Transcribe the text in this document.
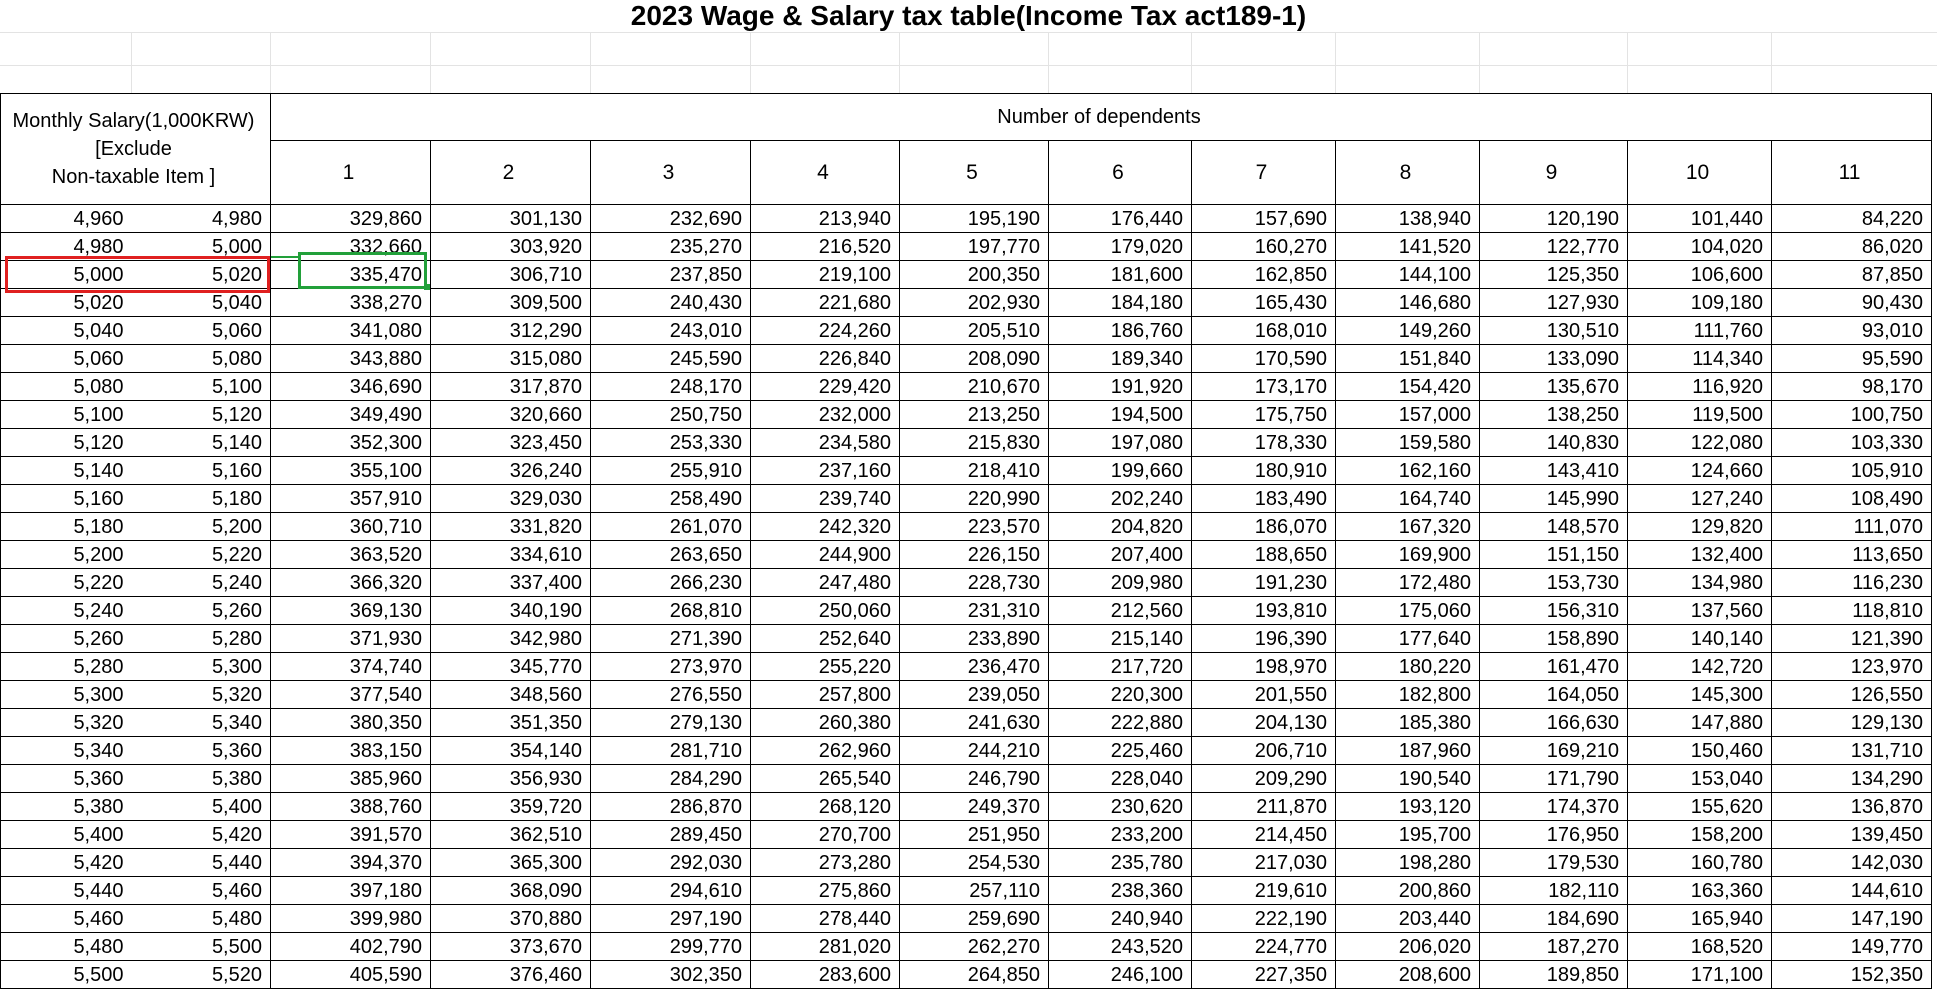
2023 Wage & Salary tax table(Income Tax act189-1)
Monthly Salary(1,000KRW)
[Exclude
Non-taxable Item ]		Number of dependents										
		1	2	3	4	5	6	7	8	9	10	11
4,960	4,980	329,860	301,130	232,690	213,940	195,190	176,440	157,690	138,940	120,190	101,440	84,220
4,980	5,000	332,660	303,920	235,270	216,520	197,770	179,020	160,270	141,520	122,770	104,020	86,020
5,000	5,020	335,470	306,710	237,850	219,100	200,350	181,600	162,850	144,100	125,350	106,600	87,850
5,020	5,040	338,270	309,500	240,430	221,680	202,930	184,180	165,430	146,680	127,930	109,180	90,430
5,040	5,060	341,080	312,290	243,010	224,260	205,510	186,760	168,010	149,260	130,510	111,760	93,010
5,060	5,080	343,880	315,080	245,590	226,840	208,090	189,340	170,590	151,840	133,090	114,340	95,590
5,080	5,100	346,690	317,870	248,170	229,420	210,670	191,920	173,170	154,420	135,670	116,920	98,170
5,100	5,120	349,490	320,660	250,750	232,000	213,250	194,500	175,750	157,000	138,250	119,500	100,750
5,120	5,140	352,300	323,450	253,330	234,580	215,830	197,080	178,330	159,580	140,830	122,080	103,330
5,140	5,160	355,100	326,240	255,910	237,160	218,410	199,660	180,910	162,160	143,410	124,660	105,910
5,160	5,180	357,910	329,030	258,490	239,740	220,990	202,240	183,490	164,740	145,990	127,240	108,490
5,180	5,200	360,710	331,820	261,070	242,320	223,570	204,820	186,070	167,320	148,570	129,820	111,070
5,200	5,220	363,520	334,610	263,650	244,900	226,150	207,400	188,650	169,900	151,150	132,400	113,650
5,220	5,240	366,320	337,400	266,230	247,480	228,730	209,980	191,230	172,480	153,730	134,980	116,230
5,240	5,260	369,130	340,190	268,810	250,060	231,310	212,560	193,810	175,060	156,310	137,560	118,810
5,260	5,280	371,930	342,980	271,390	252,640	233,890	215,140	196,390	177,640	158,890	140,140	121,390
5,280	5,300	374,740	345,770	273,970	255,220	236,470	217,720	198,970	180,220	161,470	142,720	123,970
5,300	5,320	377,540	348,560	276,550	257,800	239,050	220,300	201,550	182,800	164,050	145,300	126,550
5,320	5,340	380,350	351,350	279,130	260,380	241,630	222,880	204,130	185,380	166,630	147,880	129,130
5,340	5,360	383,150	354,140	281,710	262,960	244,210	225,460	206,710	187,960	169,210	150,460	131,710
5,360	5,380	385,960	356,930	284,290	265,540	246,790	228,040	209,290	190,540	171,790	153,040	134,290
5,380	5,400	388,760	359,720	286,870	268,120	249,370	230,620	211,870	193,120	174,370	155,620	136,870
5,400	5,420	391,570	362,510	289,450	270,700	251,950	233,200	214,450	195,700	176,950	158,200	139,450
5,420	5,440	394,370	365,300	292,030	273,280	254,530	235,780	217,030	198,280	179,530	160,780	142,030
5,440	5,460	397,180	368,090	294,610	275,860	257,110	238,360	219,610	200,860	182,110	163,360	144,610
5,460	5,480	399,980	370,880	297,190	278,440	259,690	240,940	222,190	203,440	184,690	165,940	147,190
5,480	5,500	402,790	373,670	299,770	281,020	262,270	243,520	224,770	206,020	187,270	168,520	149,770
5,500	5,520	405,590	376,460	302,350	283,600	264,850	246,100	227,350	208,600	189,850	171,100	152,350
